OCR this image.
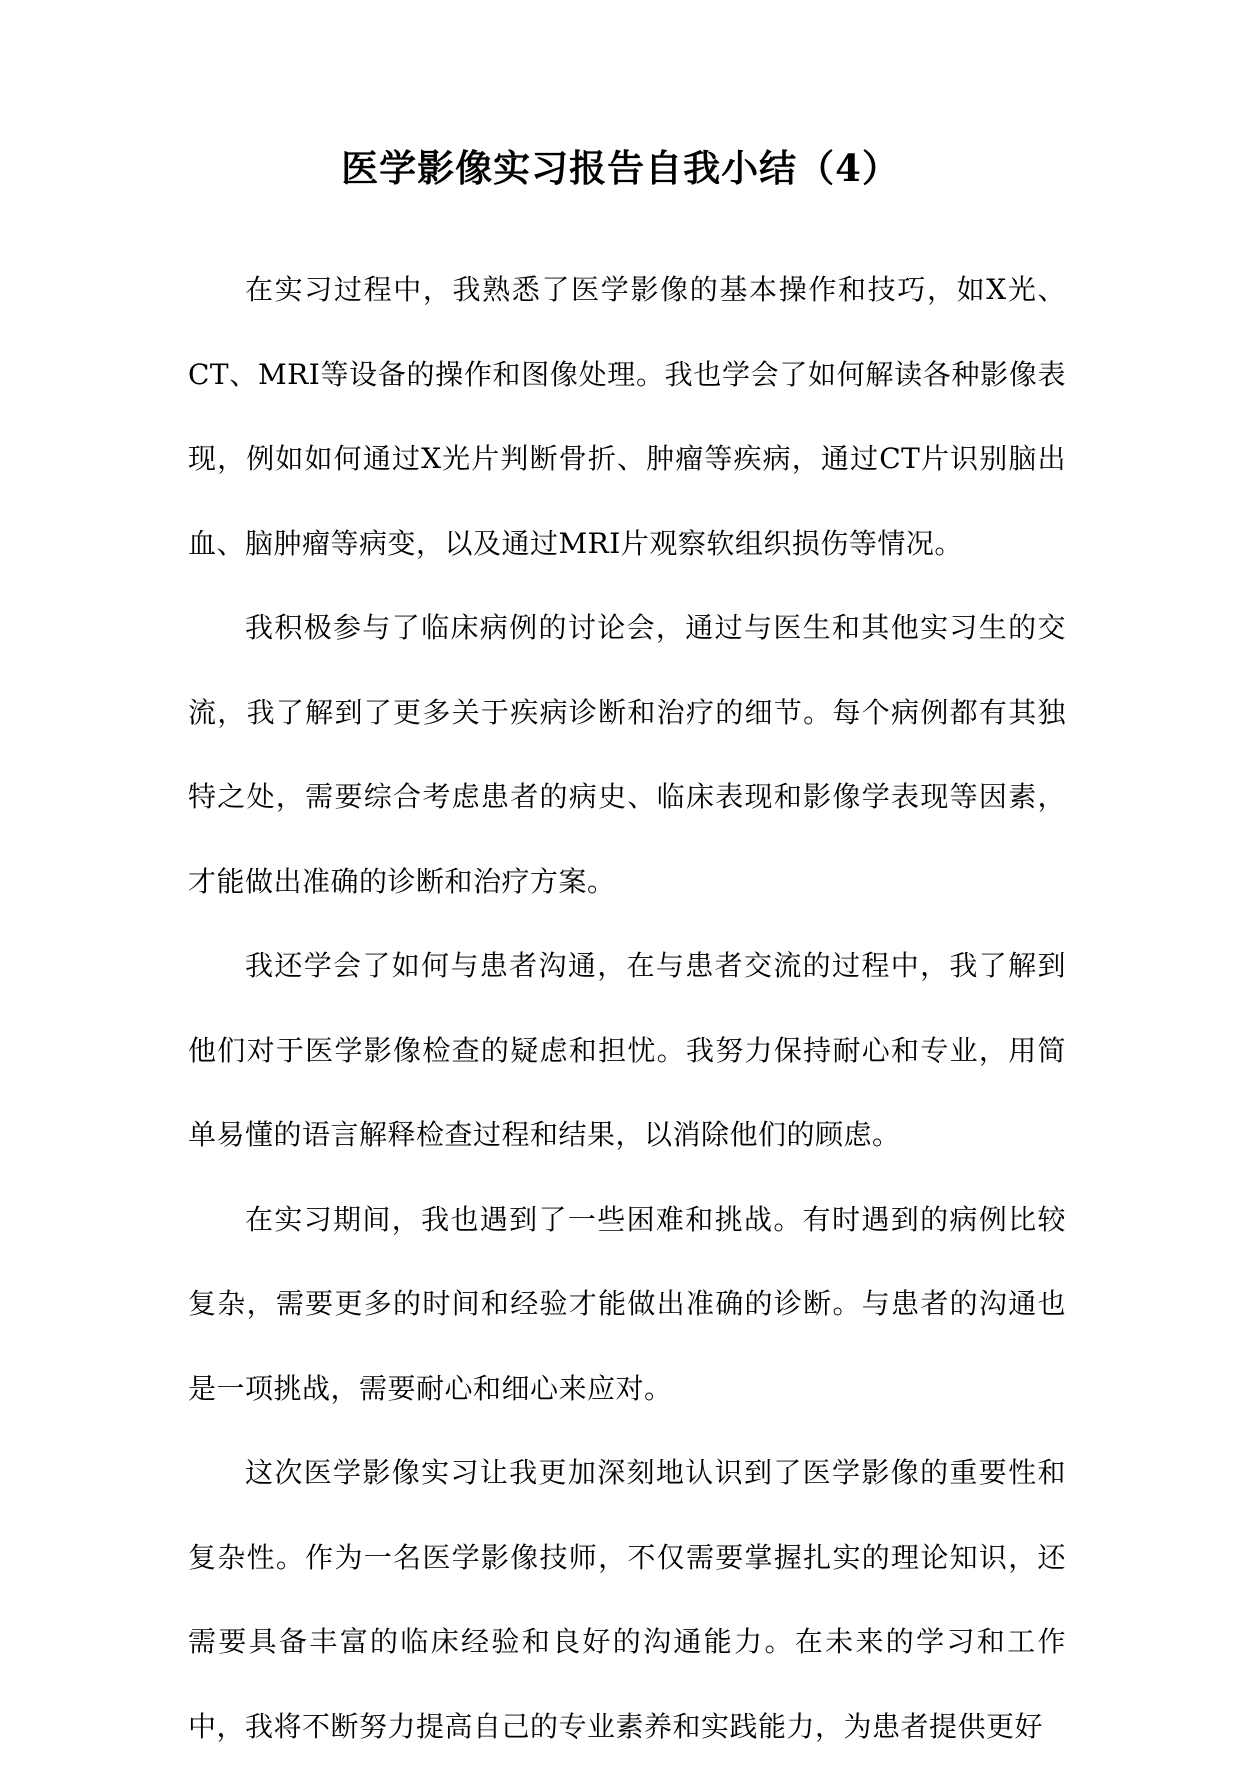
医学影像实习报告自我小结（4）

在实习过程中，我熟悉了医学影像的基本操作和技巧，如X光、CT、MRI等设备的操作和图像处理。我也学会了如何解读各种影像表现，例如如何通过X光片判断骨折、肿瘤等疾病，通过CT片识别脑出血、脑肿瘤等病变，以及通过MRI片观察软组织损伤等情况。

我积极参与了临床病例的讨论会，通过与医生和其他实习生的交流，我了解到了更多关于疾病诊断和治疗的细节。每个病例都有其独特之处，需要综合考虑患者的病史、临床表现和影像学表现等因素，才能做出准确的诊断和治疗方案。

我还学会了如何与患者沟通，在与患者交流的过程中，我了解到他们对于医学影像检查的疑虑和担忧。我努力保持耐心和专业，用简单易懂的语言解释检查过程和结果，以消除他们的顾虑。

在实习期间，我也遇到了一些困难和挑战。有时遇到的病例比较复杂，需要更多的时间和经验才能做出准确的诊断。与患者的沟通也是一项挑战，需要耐心和细心来应对。

这次医学影像实习让我更加深刻地认识到了医学影像的重要性和复杂性。作为一名医学影像技师，不仅需要掌握扎实的理论知识，还需要具备丰富的临床经验和良好的沟通能力。在未来的学习和工作中，我将不断努力提高自己的专业素养和实践能力，为患者提供更好
